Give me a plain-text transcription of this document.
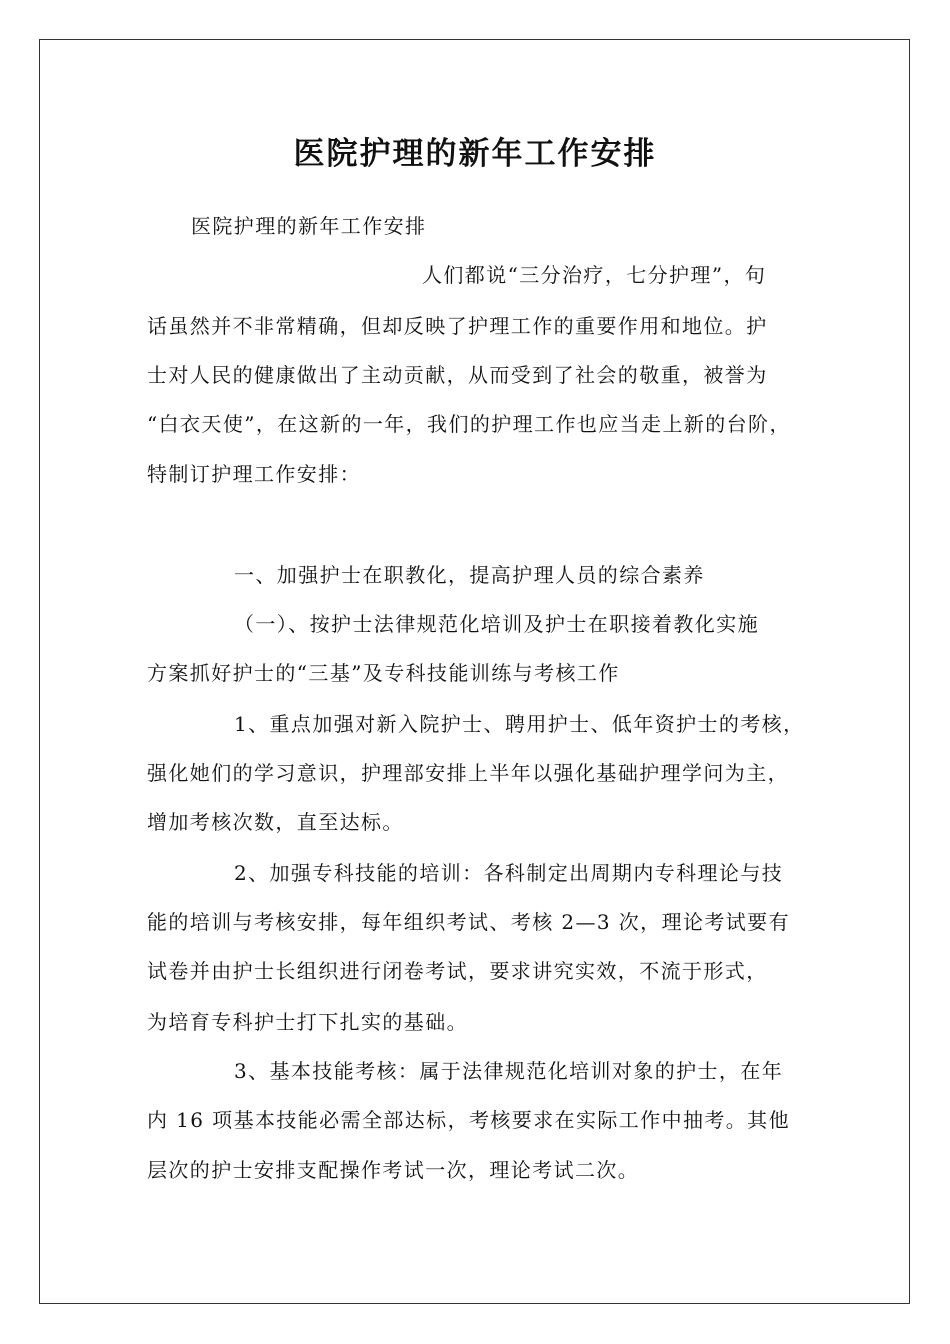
医院护理的新年工作安排

医院护理的新年工作安排

人们都说“三分治疗，七分护理”，句

话虽然并不非常精确，但却反映了护理工作的重要作用和地位。护

士对人民的健康做出了主动贡献，从而受到了社会的敬重，被誉为

“白衣天使”，在这新的一年，我们的护理工作也应当走上新的台阶，

特制订护理工作安排：

一、加强护士在职教化，提高护理人员的综合素养

（一）、按护士法律规范化培训及护士在职接着教化实施

方案抓好护士的“三基”及专科技能训练与考核工作

1、重点加强对新入院护士、聘用护士、低年资护士的考核，

强化她们的学习意识，护理部安排上半年以强化基础护理学问为主，

增加考核次数，直至达标。

2、加强专科技能的培训：各科制定出周期内专科理论与技

能的培训与考核安排，每年组织考试、考核 2—3 次，理论考试要有

试卷并由护士长组织进行闭卷考试，要求讲究实效，不流于形式，

为培育专科护士打下扎实的基础。

3、基本技能考核：属于法律规范化培训对象的护士，在年

内 16 项基本技能必需全部达标，考核要求在实际工作中抽考。其他

层次的护士安排支配操作考试一次，理论考试二次。
